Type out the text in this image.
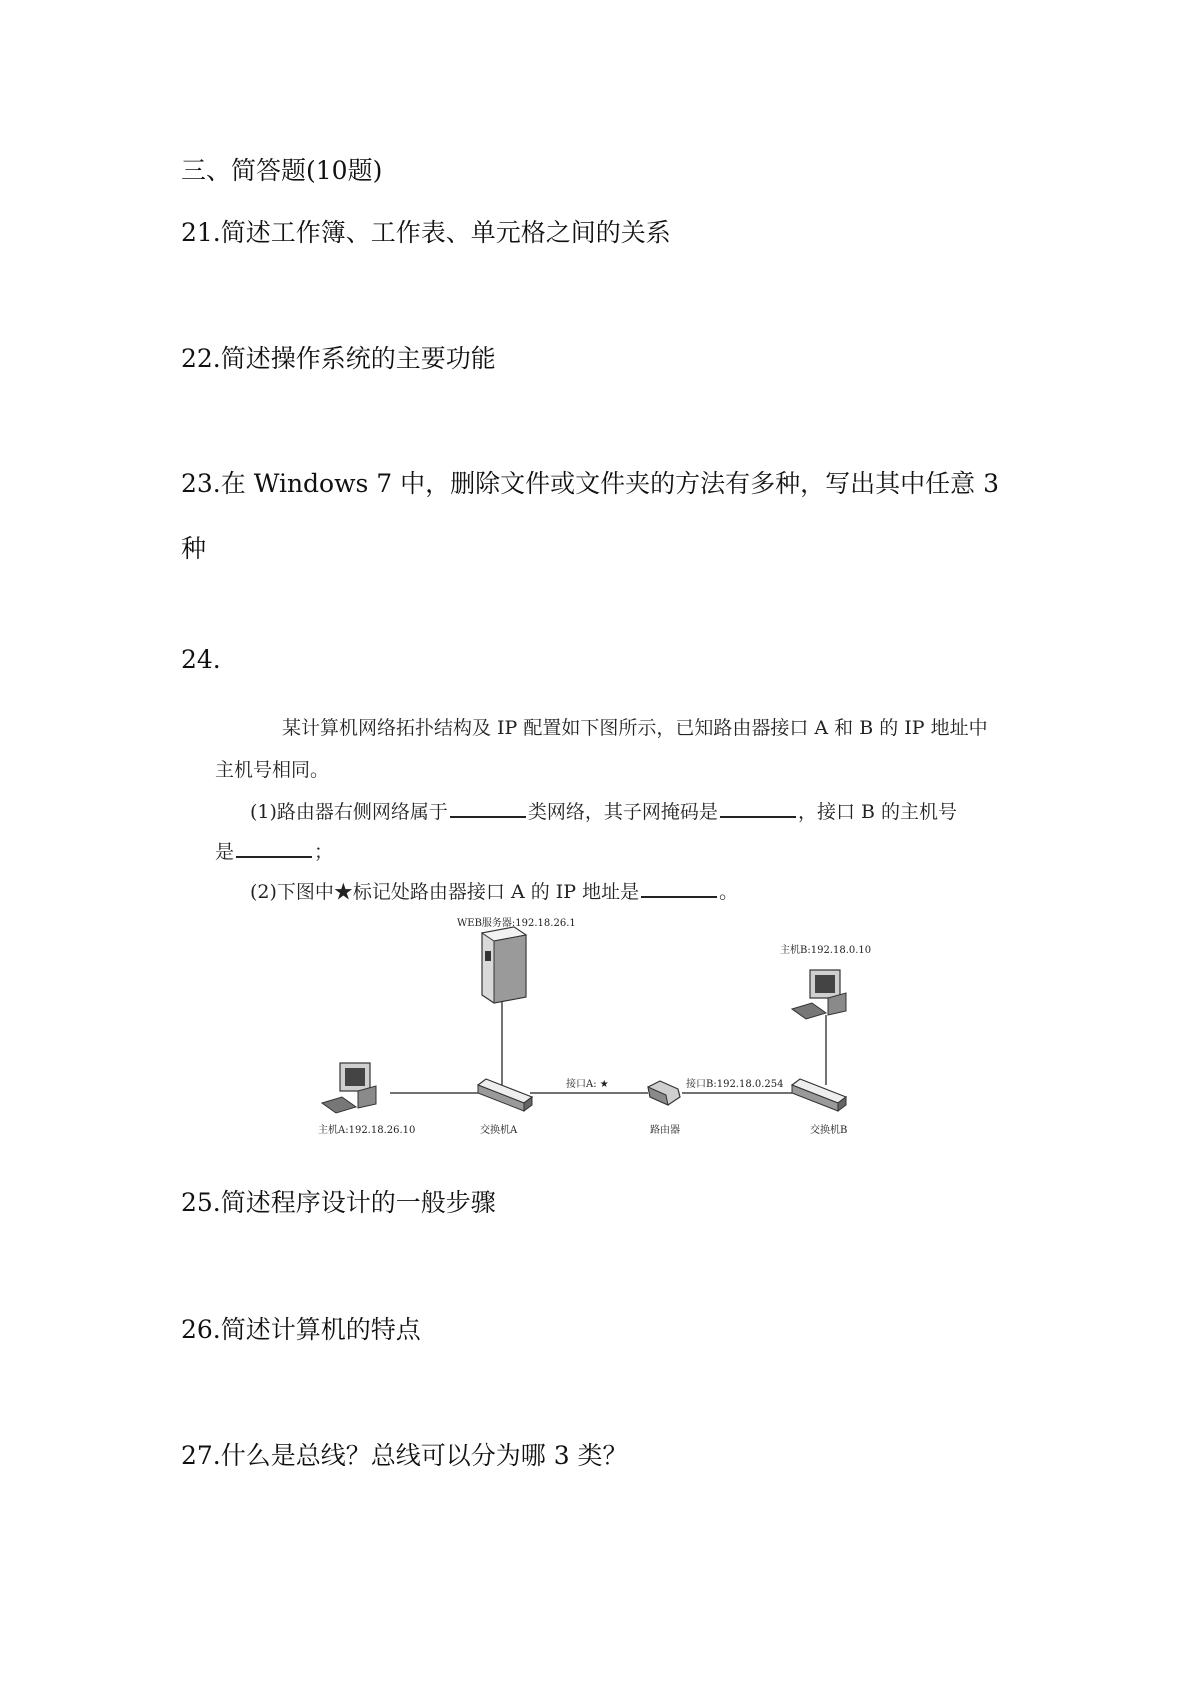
三、简答题(10题)
21.简述工作簿、工作表、单元格之间的关系
22.简述操作系统的主要功能
23.在 Windows 7 中，删除文件或文件夹的方法有多种，写出其中任意 3
种
24.
某计算机网络拓扑结构及 IP 配置如下图所示，已知路由器接口 A 和 B 的 IP 地址中
主机号相同。
(1)路由器右侧网络属于	类网络，其子网掩码是	，接口 B 的主机号
是	；
(2)下图中★标记处路由器接口 A 的 IP 地址是	。
WEB服务器:192.18.26.1
主机B:192.18.0.10
主机A:192.18.26.10	交换机A	路由器	交换机B
接口A: ★	接口B:192.18.0.254
25.简述程序设计的一般步骤
26.简述计算机的特点
27.什么是总线？总线可以分为哪 3 类？
